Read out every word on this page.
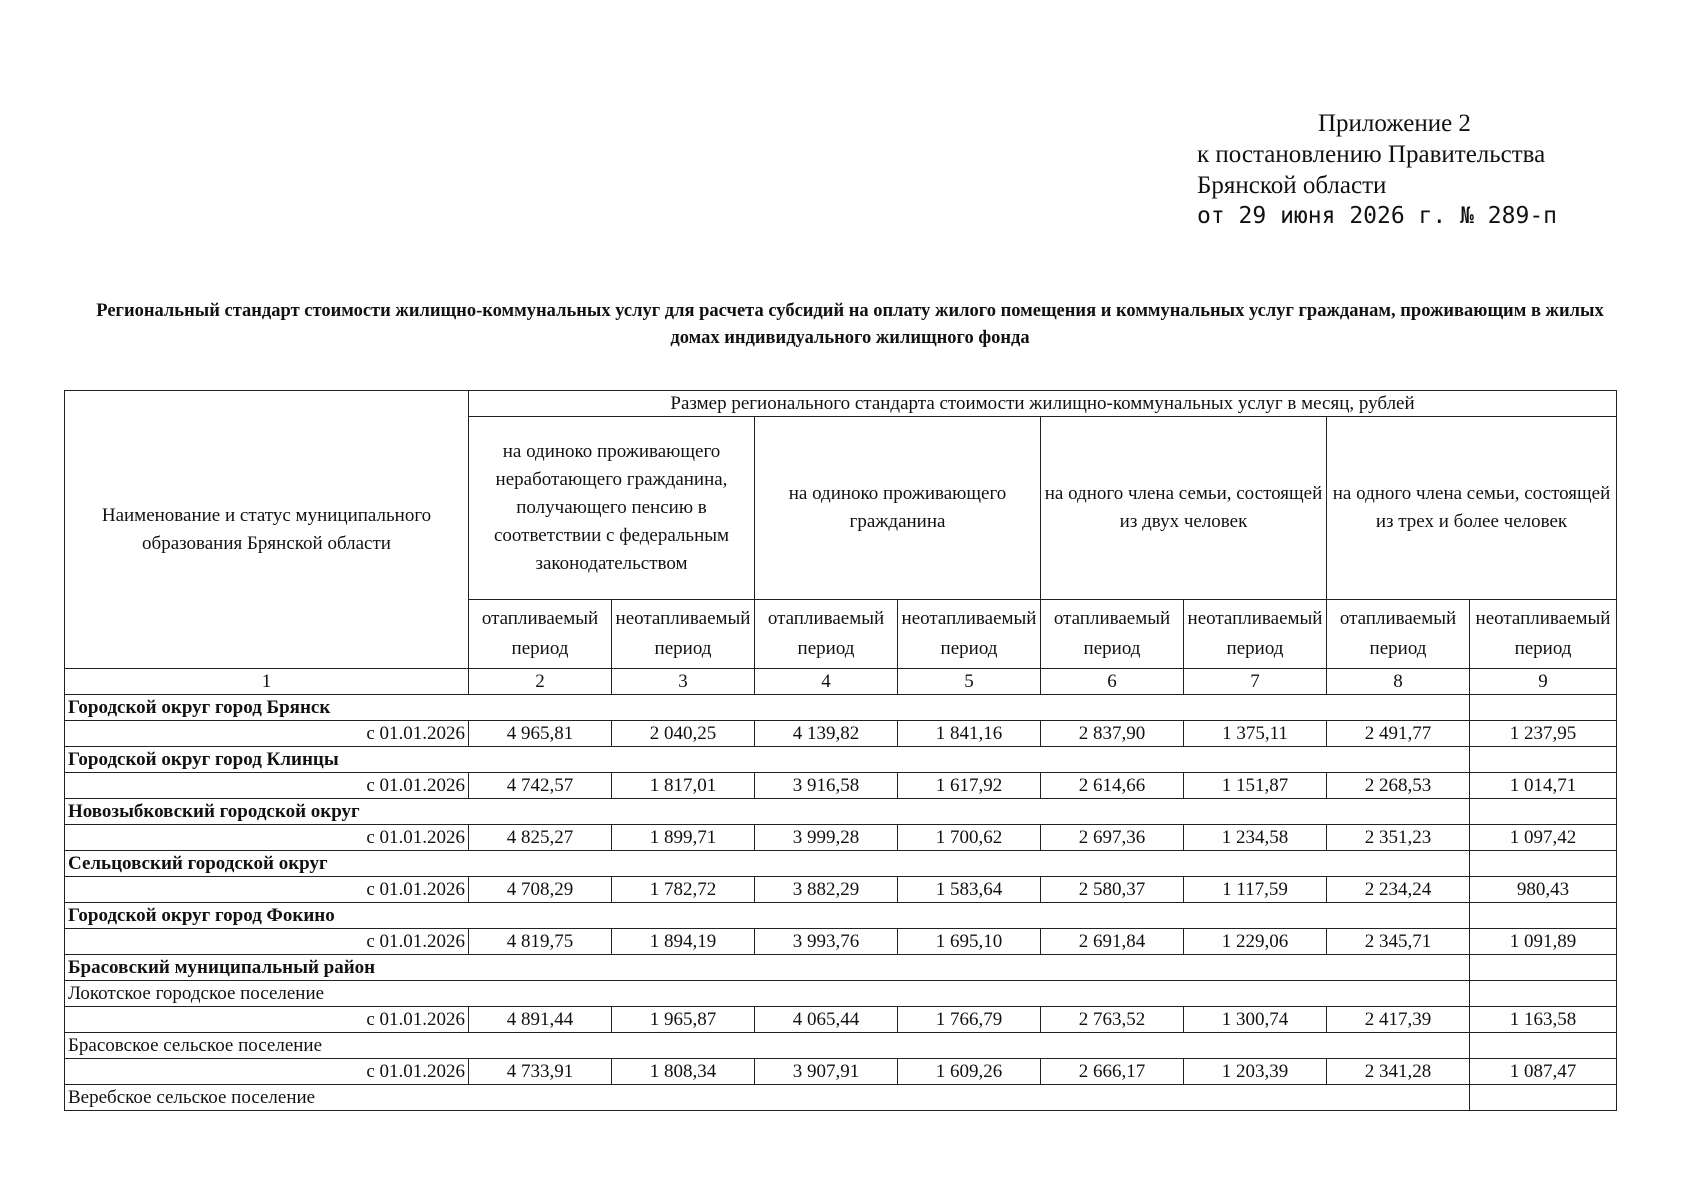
Приложение 2
к постановлению Правительства
Брянской области
от 29 июня 2026 г. № 289-п
Региональный стандарт стоимости жилищно-коммунальных услуг для расчета субсидий на оплату жилого помещения и коммунальных услуг гражданам, проживающим в жилых домах индивидуального жилищного фонда
Наименование и статус муниципального образования Брянской области	Размер регионального стандарта стоимости жилищно-коммунальных услуг в месяц, рублей							
	на одиноко проживающего неработающего гражданина, получающего пенсию в соответствии с федеральным законодательством		на одиноко проживающего гражданина		на одного члена семьи, состоящей из двух человек		на одного члена семьи, состоящей из трех и более человек	
	отапливаемый период	неотапливаемый период	отапливаемый период	неотапливаемый период	отапливаемый период	неотапливаемый период	отапливаемый период	неотапливаемый период
1	2	3	4	5	6	7	8	9
Городской округ город Брянск								
с 01.01.2026	4 965,81	2 040,25	4 139,82	1 841,16	2 837,90	1 375,11	2 491,77	1 237,95
Городской округ город Клинцы								
с 01.01.2026	4 742,57	1 817,01	3 916,58	1 617,92	2 614,66	1 151,87	2 268,53	1 014,71
Новозыбковский городской округ								
с 01.01.2026	4 825,27	1 899,71	3 999,28	1 700,62	2 697,36	1 234,58	2 351,23	1 097,42
Сельцовский городской округ								
с 01.01.2026	4 708,29	1 782,72	3 882,29	1 583,64	2 580,37	1 117,59	2 234,24	980,43
Городской округ город Фокино								
с 01.01.2026	4 819,75	1 894,19	3 993,76	1 695,10	2 691,84	1 229,06	2 345,71	1 091,89
Брасовский муниципальный район								
Локотское городское поселение								
с 01.01.2026	4 891,44	1 965,87	4 065,44	1 766,79	2 763,52	1 300,74	2 417,39	1 163,58
Брасовское сельское поселение								
с 01.01.2026	4 733,91	1 808,34	3 907,91	1 609,26	2 666,17	1 203,39	2 341,28	1 087,47
Веребское сельское поселение								
